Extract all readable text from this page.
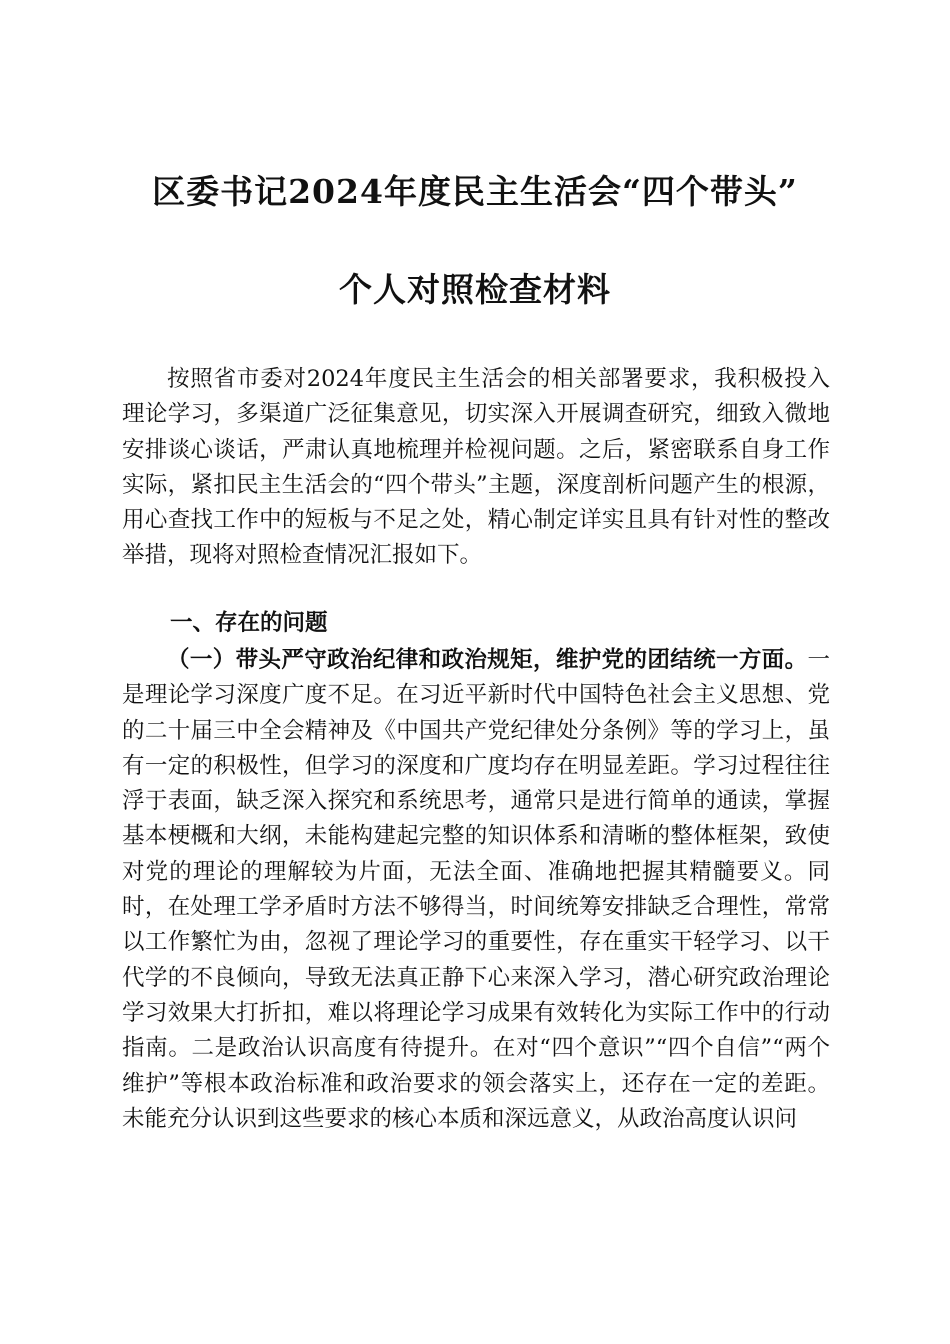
区委书记2024年度民主生活会“四个带头”
个人对照检查材料

按照省市委对2024年度民主生活会的相关部署要求，我积极投入理论学习，多渠道广泛征集意见，切实深入开展调查研究，细致入微地安排谈心谈话，严肃认真地梳理并检视问题。之后，紧密联系自身工作实际，紧扣民主生活会的“四个带头”主题，深度剖析问题产生的根源，用心查找工作中的短板与不足之处，精心制定详实且具有针对性的整改举措，现将对照检查情况汇报如下。

一、存在的问题

（一）带头严守政治纪律和政治规矩，维护党的团结统一方面。一是理论学习深度广度不足。在习近平新时代中国特色社会主义思想、党的二十届三中全会精神及《中国共产党纪律处分条例》等的学习上，虽有一定的积极性，但学习的深度和广度均存在明显差距。学习过程往往浮于表面，缺乏深入探究和系统思考，通常只是进行简单的通读，掌握基本梗概和大纲，未能构建起完整的知识体系和清晰的整体框架，致使对党的理论的理解较为片面，无法全面、准确地把握其精髓要义。同时，在处理工学矛盾时方法不够得当，时间统筹安排缺乏合理性，常常以工作繁忙为由，忽视了理论学习的重要性，存在重实干轻学习、以干代学的不良倾向，导致无法真正静下心来深入学习，潜心研究政治理论学习效果大打折扣，难以将理论学习成果有效转化为实际工作中的行动指南。二是政治认识高度有待提升。在对“四个意识”“四个自信”“两个维护”等根本政治标准和政治要求的领会落实上，还存在一定的差距。未能充分认识到这些要求的核心本质和深远意义，从政治高度认识问
